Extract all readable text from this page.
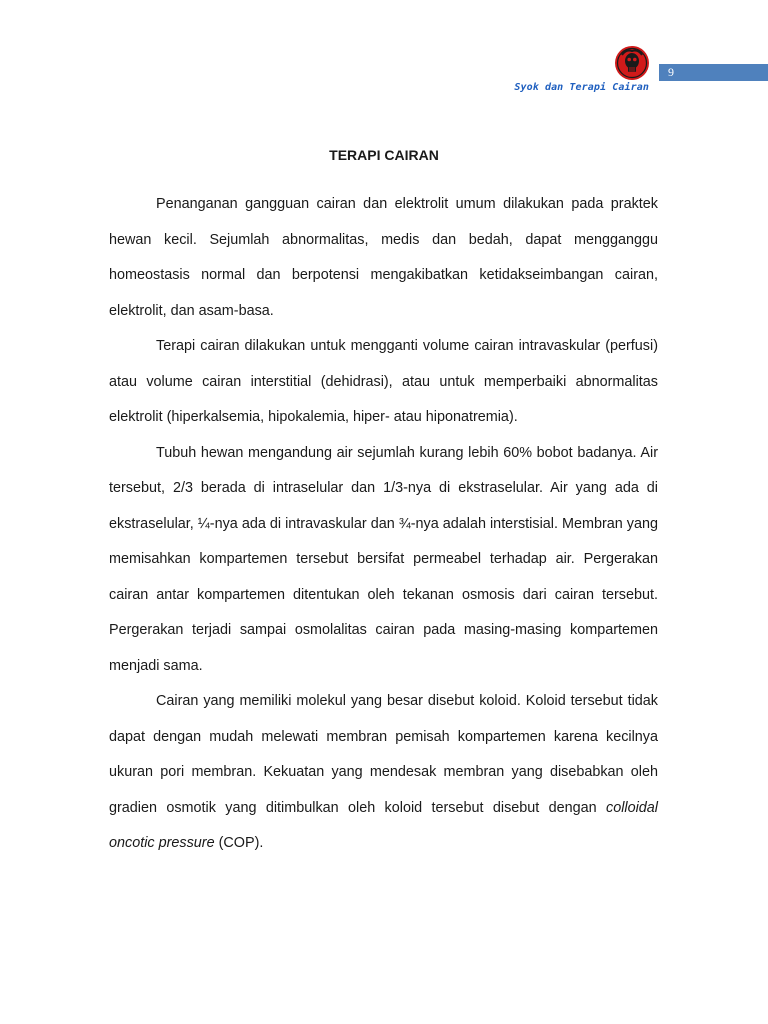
9
Syok dan Terapi Cairan
TERAPI CAIRAN

Penanganan gangguan cairan dan elektrolit umum dilakukan pada praktek hewan kecil. Sejumlah abnormalitas, medis dan bedah, dapat mengganggu homeostasis normal dan berpotensi mengakibatkan ketidakseimbangan cairan, elektrolit, dan asam-basa.

Terapi cairan dilakukan untuk mengganti volume cairan intravaskular (perfusi) atau volume cairan interstitial (dehidrasi), atau untuk memperbaiki abnormalitas elektrolit (hiperkalsemia, hipokalemia, hiper- atau hiponatremia).

Tubuh hewan mengandung air sejumlah kurang lebih 60% bobot badanya. Air tersebut, 2/3 berada di intraselular dan 1/3-nya di ekstraselular. Air yang ada di ekstraselular, ¼-nya ada di intravaskular dan ¾-nya adalah interstisial. Membran yang memisahkan kompartemen tersebut bersifat permeabel terhadap air. Pergerakan cairan antar kompartemen ditentukan oleh tekanan osmosis dari cairan tersebut. Pergerakan terjadi sampai osmolalitas cairan pada masing-masing kompartemen menjadi sama.

Cairan yang memiliki molekul yang besar disebut koloid. Koloid tersebut tidak dapat dengan mudah melewati membran pemisah kompartemen karena kecilnya ukuran pori membran. Kekuatan yang mendesak membran yang disebabkan oleh gradien osmotik yang ditimbulkan oleh koloid tersebut disebut dengan colloidal oncotic pressure (COP).
